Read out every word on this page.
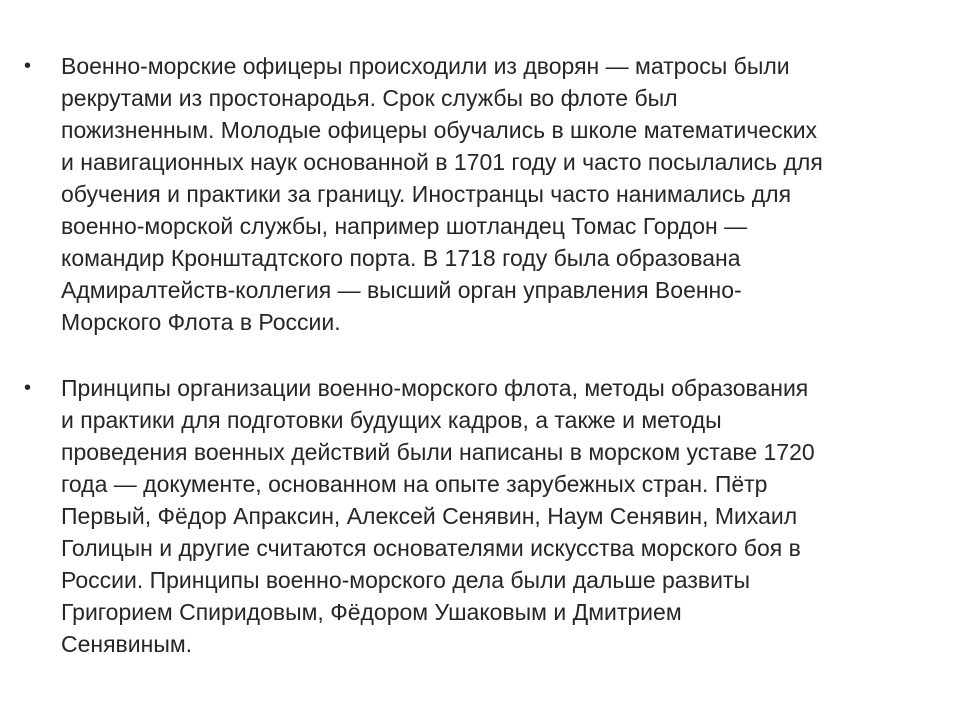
•	Военно-морские офицеры происходили из дворян — матросы были
рекрутами из простонародья. Срок службы во флоте был
пожизненным. Молодые офицеры обучались в школе математических
и навигационных наук основанной в 1701 году и часто посылались для
обучения и практики за границу. Иностранцы часто нанимались для
военно-морской службы, например шотландец Томас Гордон —
командир Кронштадтского порта. В 1718 году была образована
Адмиралтейств-коллегия — высший орган управления Военно-
Морского Флота в России.
•	Принципы организации военно-морского флота, методы образования
и практики для подготовки будущих кадров, а также и методы
проведения военных действий были написаны в морском уставе 1720
года — документе, основанном на опыте зарубежных стран. Пётр
Первый, Фёдор Апраксин, Алексей Сенявин, Наум Сенявин, Михаил
Голицын и другие считаются основателями искусства морского боя в
России. Принципы военно-морского дела были дальше развиты
Григорием Спиридовым, Фёдором Ушаковым и Дмитрием
Сенявиным.
